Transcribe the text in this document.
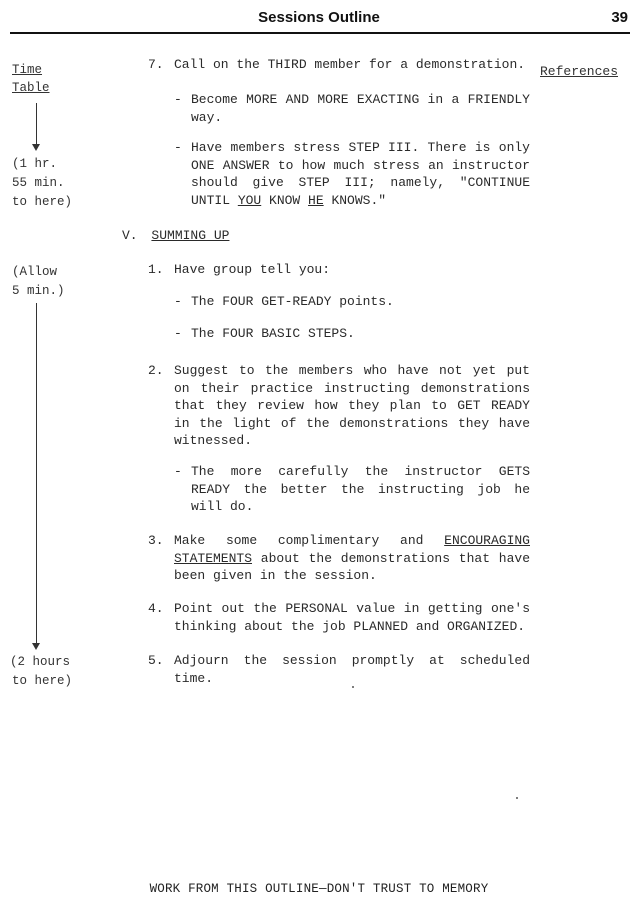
Sessions Outline	39
Time
Table
(1 hr.
55 min.
to here)
(Allow
5 min.)
(2 hours
to here)
References
7. Call on the THIRD member for a demonstration.
- Become MORE AND MORE EXACTING in a FRIENDLY way.
- Have members stress STEP III. There is only ONE ANSWER to how much stress an instructor should give STEP III; namely, "CONTINUE UNTIL YOU KNOW HE KNOWS."
V. SUMMING UP
1. Have group tell you:
- The FOUR GET-READY points.
- The FOUR BASIC STEPS.
2. Suggest to the members who have not yet put on their practice instructing demonstrations that they review how they plan to GET READY in the light of the demonstrations they have witnessed.
- The more carefully the instructor GETS READY the better the instructing job he will do.
3. Make some complimentary and ENCOURAGING STATEMENTS about the demonstrations that have been given in the session.
4. Point out the PERSONAL value in getting one's thinking about the job PLANNED and ORGANIZED.
5. Adjourn the session promptly at scheduled time.
WORK FROM THIS OUTLINE—DON'T TRUST TO MEMORY
